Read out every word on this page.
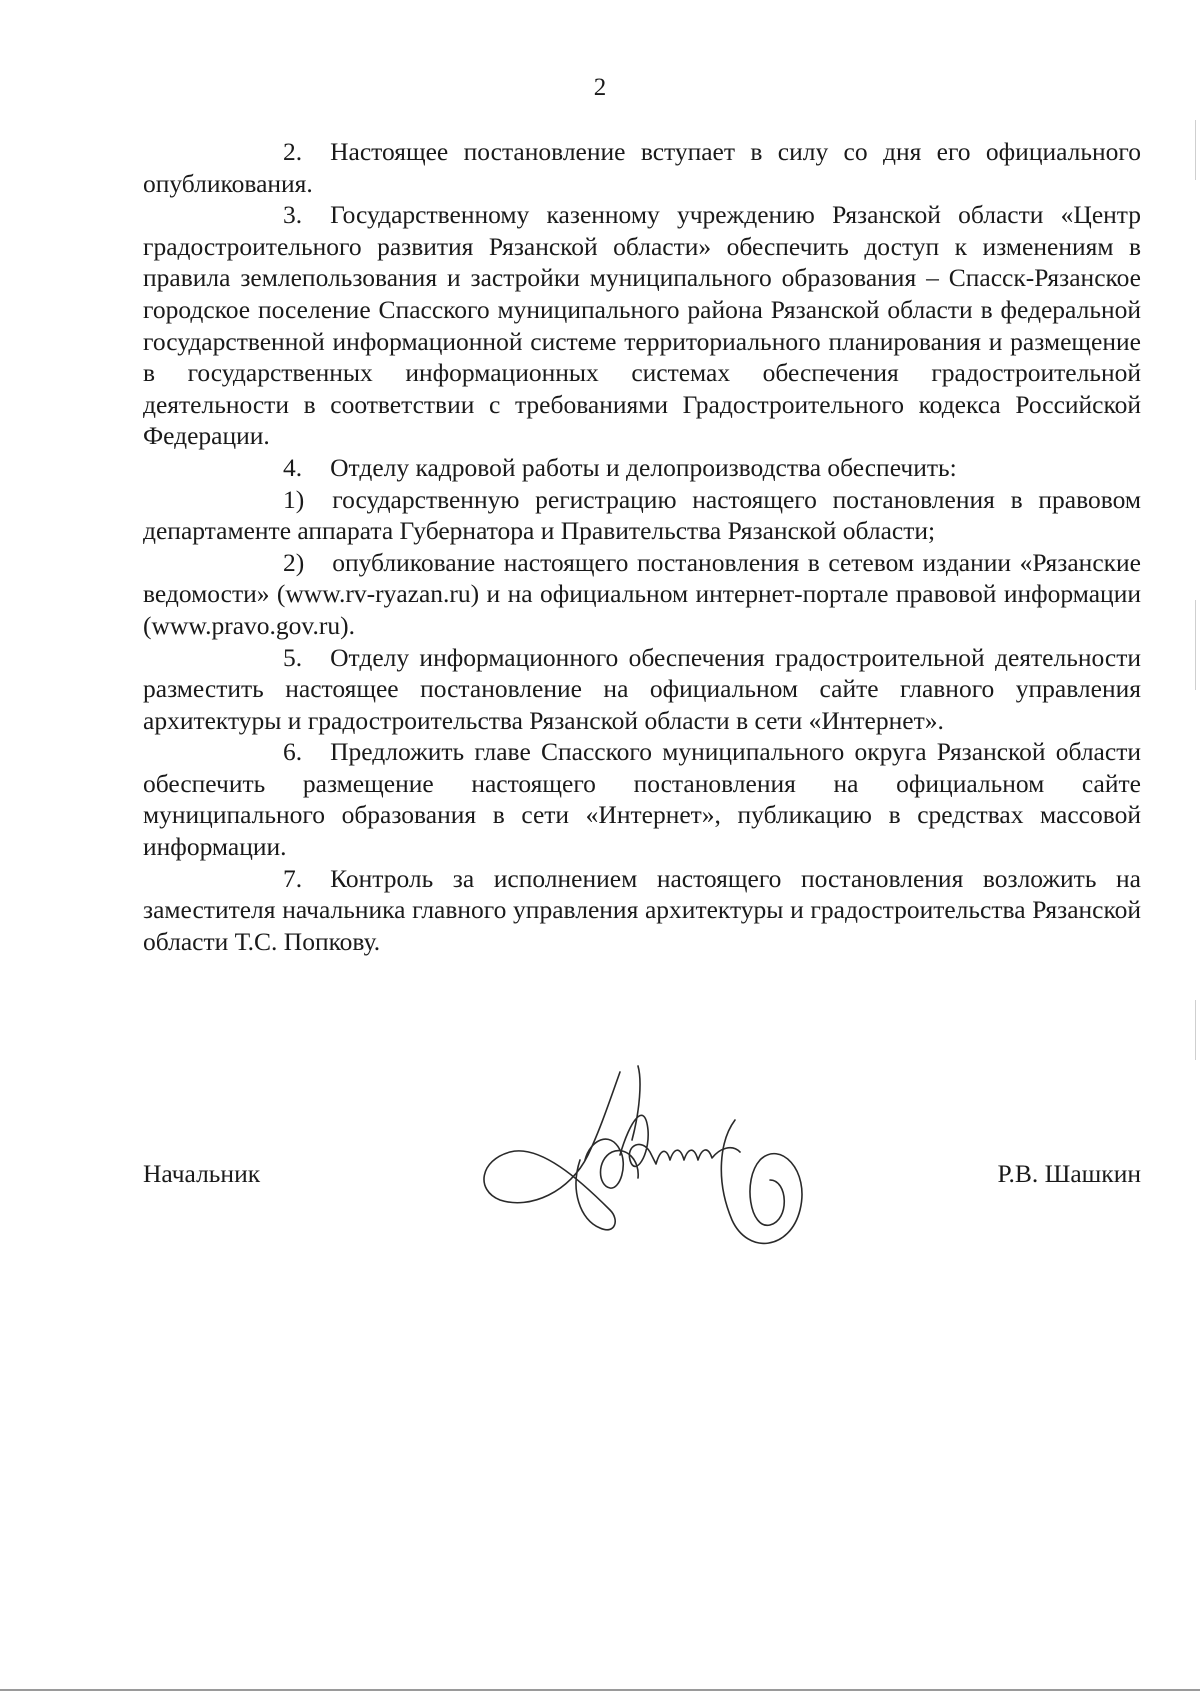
2

2. Настоящее постановление вступает в силу со дня его официального опубликования.

3. Государственному казенному учреждению Рязанской области «Центр градостроительного развития Рязанской области» обеспечить доступ к изменениям в правила землепользования и застройки муниципального образования – Спасск-Рязанское городское поселение Спасского муниципального района Рязанской области в федеральной государственной информационной системе территориального планирования и размещение в государственных информационных системах обеспечения градостроительной деятельности в соответствии с требованиями Градостроительного кодекса Российской Федерации.

4. Отделу кадровой работы и делопроизводства обеспечить:

1) государственную регистрацию настоящего постановления в правовом департаменте аппарата Губернатора и Правительства Рязанской области;

2) опубликование настоящего постановления в сетевом издании «Рязанские ведомости» (www.rv-ryazan.ru) и на официальном интернет-портале правовой информации (www.pravo.gov.ru).

5. Отделу информационного обеспечения градостроительной деятельности разместить настоящее постановление на официальном сайте главного управления архитектуры и градостроительства Рязанской области в сети «Интернет».

6. Предложить главе Спасского муниципального округа Рязанской области обеспечить размещение настоящего постановления на официальном сайте муниципального образования в сети «Интернет», публикацию в средствах массовой информации.

7. Контроль за исполнением настоящего постановления возложить на заместителя начальника главного управления архитектуры и градостроительства Рязанской области Т.С. Попкову.

Начальник	Р.В. Шашкин
